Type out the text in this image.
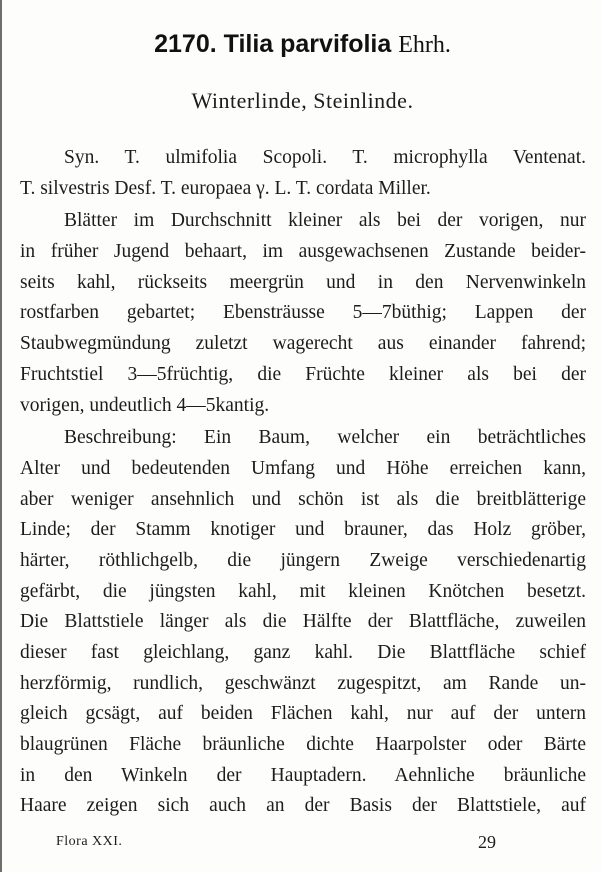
2170. Tilia parvifolia Ehrh.
Winterlinde, Steinlinde.
Syn. T. ulmifolia Scopoli. T. microphylla Ventenat.
T. silvestris Desf. T. europaea γ. L. T. cordata Miller.
Blätter im Durchschnitt kleiner als bei der vorigen, nur
in früher Jugend behaart, im ausgewachsenen Zustande beider-
seits kahl, rückseits meergrün und in den Nervenwinkeln
rostfarben gebartet; Ebensträusse 5—7büthig; Lappen der
Staubwegmündung zuletzt wagerecht aus einander fahrend;
Fruchtstiel 3—5früchtig, die Früchte kleiner als bei der
vorigen, undeutlich 4—5kantig.
Beschreibung: Ein Baum, welcher ein beträchtliches
Alter und bedeutenden Umfang und Höhe erreichen kann,
aber weniger ansehnlich und schön ist als die breitblätterige
Linde; der Stamm knotiger und brauner, das Holz gröber,
härter, röthlichgelb, die jüngern Zweige verschiedenartig
gefärbt, die jüngsten kahl, mit kleinen Knötchen besetzt.
Die Blattstiele länger als die Hälfte der Blattfläche, zuweilen
dieser fast gleichlang, ganz kahl. Die Blattfläche schief
herzförmig, rundlich, geschwänzt zugespitzt, am Rande un-
gleich gcsägt, auf beiden Flächen kahl, nur auf der untern
blaugrünen Fläche bräunliche dichte Haarpolster oder Bärte
in den Winkeln der Hauptadern. Aehnliche bräunliche
Haare zeigen sich auch an der Basis der Blattstiele, auf
Flora XXI.	29
